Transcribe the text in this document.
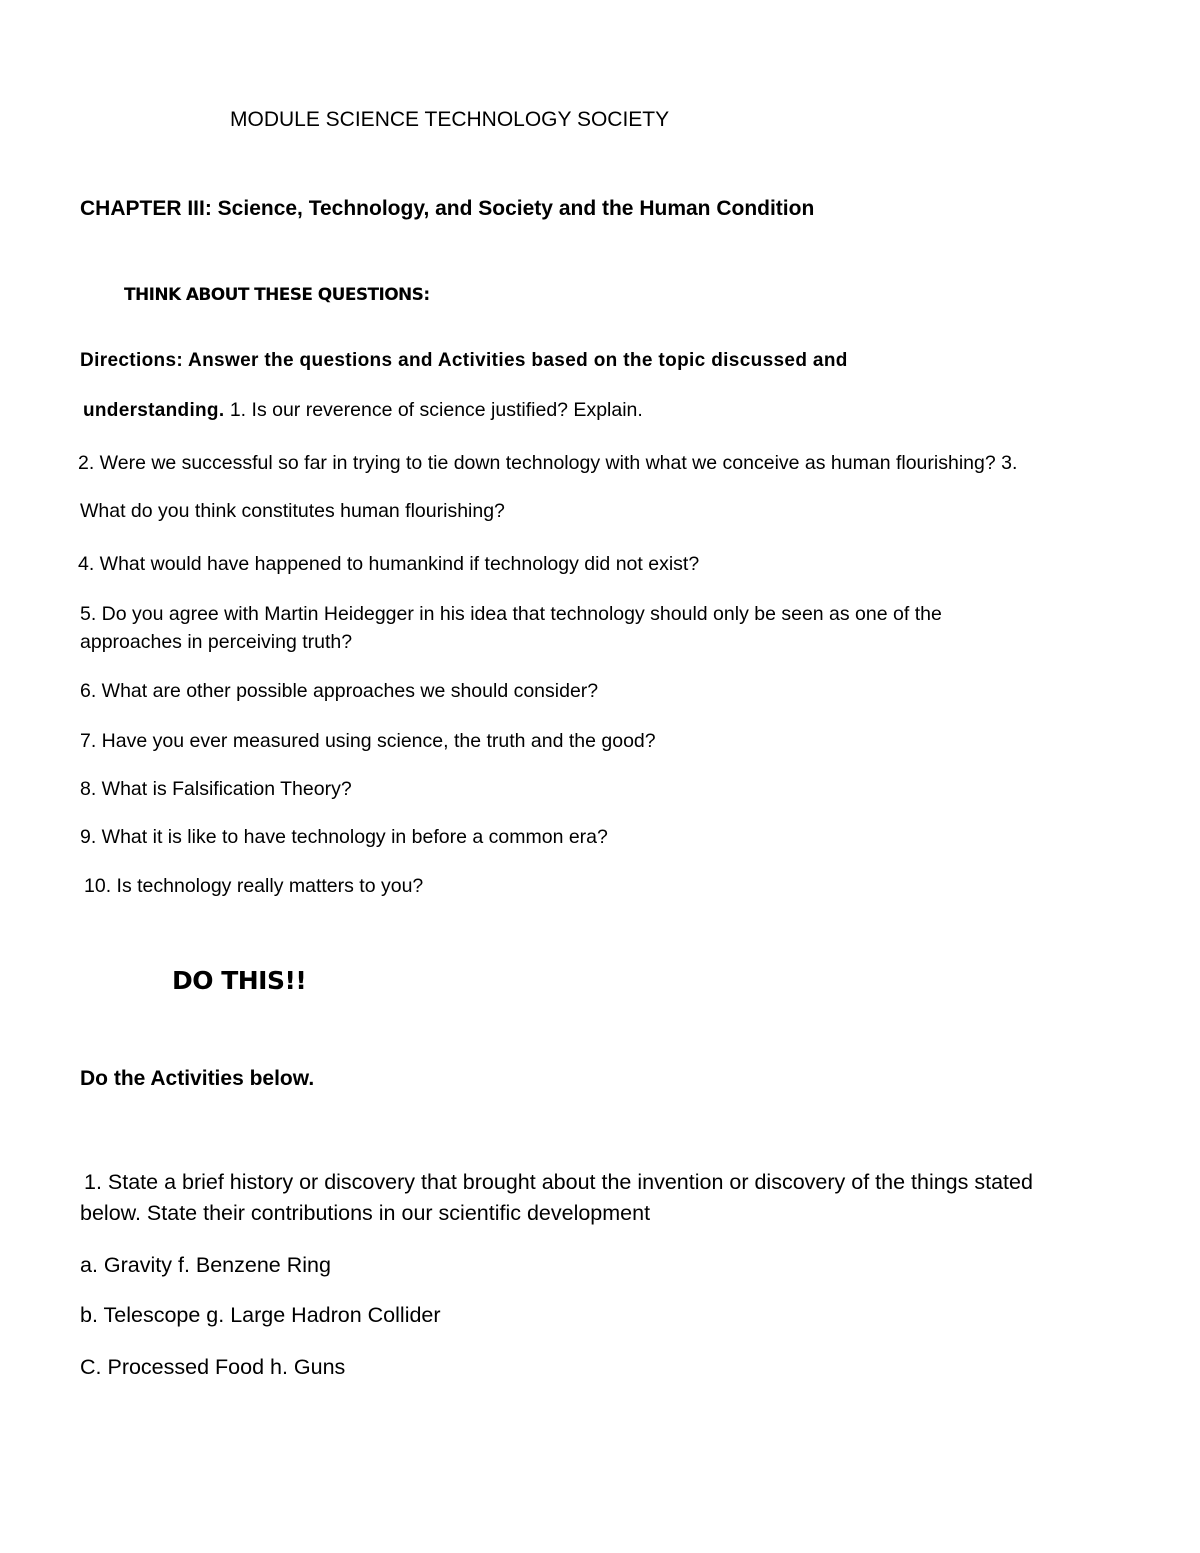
MODULE SCIENCE TECHNOLOGY SOCIETY
CHAPTER III: Science, Technology, and Society and the Human Condition
THINK ABOUT THESE QUESTIONS:
Directions: Answer the questions and Activities based on the topic discussed and
understanding. 1. Is our reverence of science justified? Explain.
2. Were we successful so far in trying to tie down technology with what we conceive as human flourishing? 3.
What do you think constitutes human flourishing?
4. What would have happened to humankind if technology did not exist?
5. Do you agree with Martin Heidegger in his idea that technology should only be seen as one of the
approaches in perceiving truth?
6. What are other possible approaches we should consider?
7. Have you ever measured using science, the truth and the good?
8. What is Falsification Theory?
9. What it is like to have technology in before a common era?
10. Is technology really matters to you?
DO THIS!!
Do the Activities below.
1. State a brief history or discovery that brought about the invention or discovery of the things stated
below. State their contributions in our scientific development
a. Gravity f. Benzene Ring
b. Telescope g. Large Hadron Collider
C. Processed Food h. Guns
